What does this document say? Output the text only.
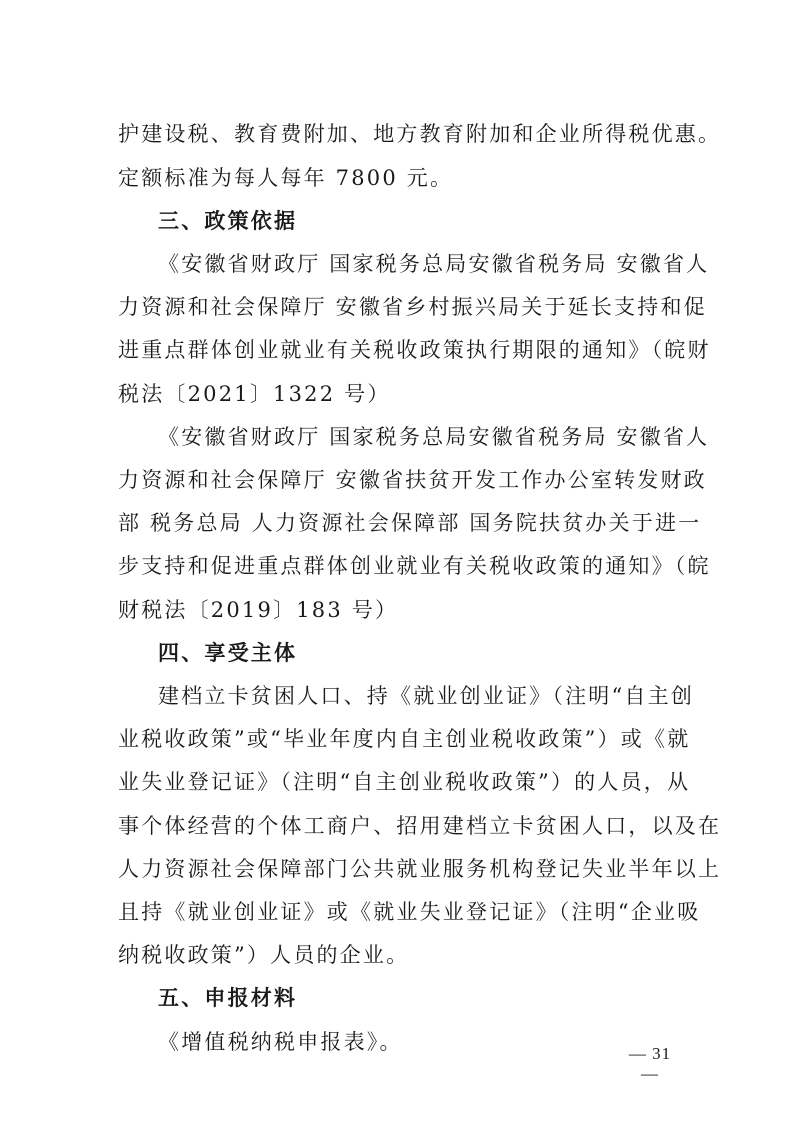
护建设税、教育费附加、地方教育附加和企业所得税优惠。
定额标准为每人每年 7800 元。
三、政策依据
《安徽省财政厅 国家税务总局安徽省税务局 安徽省人
力资源和社会保障厅 安徽省乡村振兴局关于延长支持和促
进重点群体创业就业有关税收政策执行期限的通知》（皖财
税法〔2021〕1322 号）
《安徽省财政厅 国家税务总局安徽省税务局 安徽省人
力资源和社会保障厅 安徽省扶贫开发工作办公室转发财政
部 税务总局 人力资源社会保障部 国务院扶贫办关于进一
步支持和促进重点群体创业就业有关税收政策的通知》（皖
财税法〔2019〕183 号）
四、享受主体
建档立卡贫困人口、持《就业创业证》（注明“自主创
业税收政策”或“毕业年度内自主创业税收政策”）或《就
业失业登记证》（注明“自主创业税收政策”）的人员，从
事个体经营的个体工商户、招用建档立卡贫困人口，以及在
人力资源社会保障部门公共就业服务机构登记失业半年以上
且持《就业创业证》或《就业失业登记证》（注明“企业吸
纳税收政策”）人员的企业。
五、申报材料
《增值税纳税申报表》。	— 31 —
